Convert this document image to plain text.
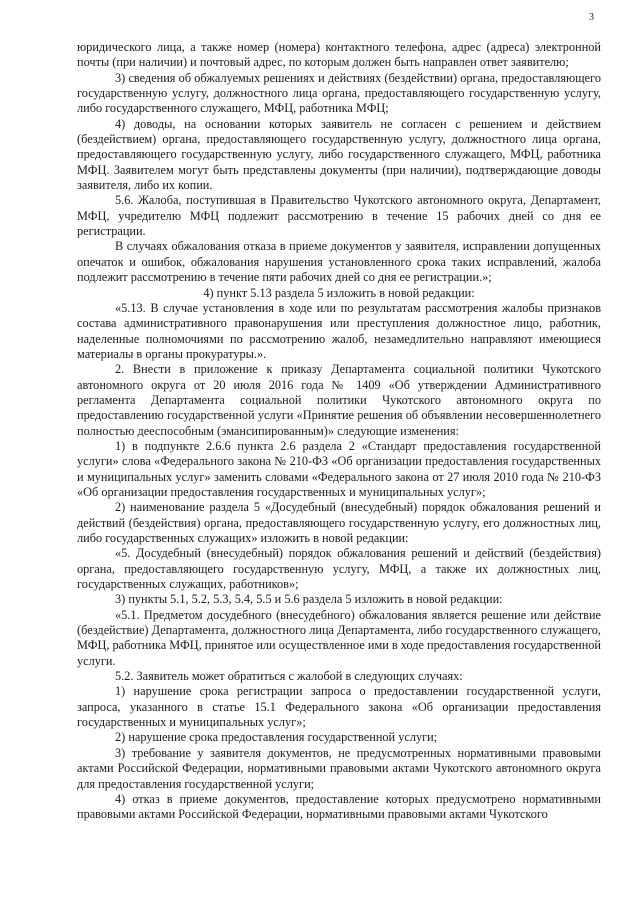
3

юридического лица, а также номер (номера) контактного телефона, адрес (адреса) электронной почты (при наличии) и почтовый адрес, по которым должен быть направлен ответ заявителю;

3) сведения об обжалуемых решениях и действиях (бездействии) органа, предоставляющего государственную услугу, должностного лица органа, предоставляющего государственную услугу, либо государственного служащего, МФЦ, работника МФЦ;

4) доводы, на основании которых заявитель не согласен с решением и действием (бездействием) органа, предоставляющего государственную услугу, должностного лица органа, предоставляющего государственную услугу, либо государственного служащего, МФЦ, работника МФЦ. Заявителем могут быть представлены документы (при наличии), подтверждающие доводы заявителя, либо их копии.

5.6. Жалоба, поступившая в Правительство Чукотского автономного округа, Департамент, МФЦ, учредителю МФЦ подлежит рассмотрению в течение 15 рабочих дней со дня ее регистрации.

В случаях обжалования отказа в приеме документов у заявителя, исправлении допущенных опечаток и ошибок, обжалования нарушения установленного срока таких исправлений, жалоба подлежит рассмотрению в течение пяти рабочих дней со дня ее регистрации.»;

4) пункт 5.13 раздела 5 изложить в новой редакции:

«5.13. В случае установления в ходе или по результатам рассмотрения жалобы признаков состава административного правонарушения или преступления должностное лицо, работник, наделенные полномочиями по рассмотрению жалоб, незамедлительно направляют имеющиеся материалы в органы прокуратуры.».

2. Внести в приложение к приказу Департамента социальной политики Чукотского автономного округа от 20 июля 2016 года № 1409 «Об утверждении Административного регламента Департамента социальной политики Чукотского автономного округа по предоставлению государственной услуги «Принятие решения об объявлении несовершеннолетнего полностью дееспособным (эмансипированным)» следующие изменения:

1) в подпункте 2.6.6 пункта 2.6 раздела 2 «Стандарт предоставления государственной услуги» слова «Федерального закона № 210-ФЗ «Об организации предоставления государственных и муниципальных услуг» заменить словами «Федерального закона от 27 июля 2010 года № 210-ФЗ «Об организации предоставления государственных и муниципальных услуг»;

2) наименование раздела 5 «Досудебный (внесудебный) порядок обжалования решений и действий (бездействия) органа, предоставляющего государственную услугу, его должностных лиц, либо государственных служащих» изложить в новой редакции:

«5. Досудебный (внесудебный) порядок обжалования решений и действий (бездействия) органа, предоставляющего государственную услугу, МФЦ, а также их должностных лиц, государственных служащих, работников»;

3) пункты 5.1, 5.2, 5.3, 5.4, 5.5 и 5.6 раздела 5 изложить в новой редакции:

«5.1. Предметом досудебного (внесудебного) обжалования является решение или действие (бездействие) Департамента, должностного лица Департамента, либо государственного служащего, МФЦ, работника МФЦ, принятое или осуществленное ими в ходе предоставления государственной услуги.

5.2. Заявитель может обратиться с жалобой в следующих случаях:

1) нарушение срока регистрации запроса о предоставлении государственной услуги, запроса, указанного в статье 15.1 Федерального закона «Об организации предоставления государственных и муниципальных услуг»;

2) нарушение срока предоставления государственной услуги;

3) требование у заявителя документов, не предусмотренных нормативными правовыми актами Российской Федерации, нормативными правовыми актами Чукотского автономного округа для предоставления государственной услуги;

4) отказ в приеме документов, предоставление которых предусмотрено нормативными правовыми актами Российской Федерации, нормативными правовыми актами Чукотского
